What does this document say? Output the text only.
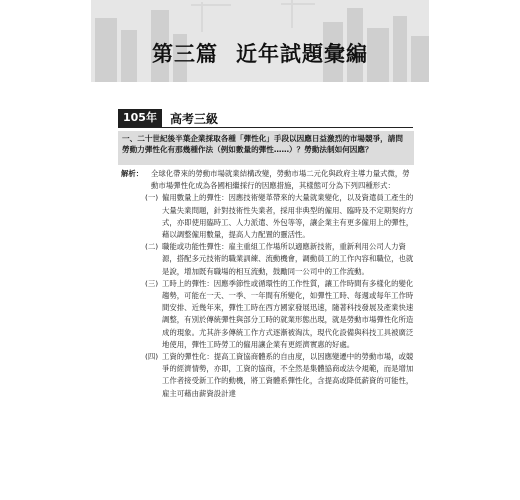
第三篇 近年試題彙編
105年	高考三級

一、二十世紀後半葉企業採取各種「彈性化」手段以因應日益激烈的市場競爭，請問勞動力彈性化有那幾種作法（例如數量的彈性……）？勞動法制如何因應？

解析： 全球化帶來的勞動市場就業結構改變，勞動市場二元化與政府主導力量式微，勞動市場彈性化成為各國相繼採行的因應措施，其樣態可分為下列四種形式：
(一) 僱用數量上的彈性：因應技術變革帶來的大量就業變化，以及資遣員工產生的大量失業問題，針對技術性失業者，採用非典型的僱用、臨時及不定期契約方式，亦即使用臨時工、人力派遣、外包等等，讓企業主有更多僱用上的彈性，藉以調整僱用數量，提高人力配置的靈活性。
(二) 職能或功能性彈性：雇主重組工作場所以適應新技術，重新利用公司人力資源，搭配多元技術的職業訓練、流動機會，調動員工的工作內容和職位，也就是說，增加既有職場的相互流動，鼓勵同一公司中的工作流動。
(三) 工時上的彈性：因應季節性或循環性的工作性質，讓工作時間有多樣化的變化趨勢，可能在一天、一季、一年間有所變化，如彈性工時、每週或每年工作時間安排、近幾年來，彈性工時在西方國家發展迅速，隨著科技發展及產業快速調整，有別於傳統彈性與部分工時的就業形態出現，就是勞動市場彈性化所造成的現象。尤其許多傳統工作方式逐漸被淘汰，現代化設備與科技工具被廣泛地使用，彈性工時勞工的僱用讓企業有更經濟實惠的好處。
(四) 工資的彈性化：提高工資協商體系的自由度，以因應變遷中的勞動市場，或競爭的經濟情勢，亦即，工資的協商，不全然是集體協商或法令規範，而是增加工作者接受新工作的動機，將工資體系彈性化，含提高或降低薪資的可能性，雇主可藉由薪資設計達
